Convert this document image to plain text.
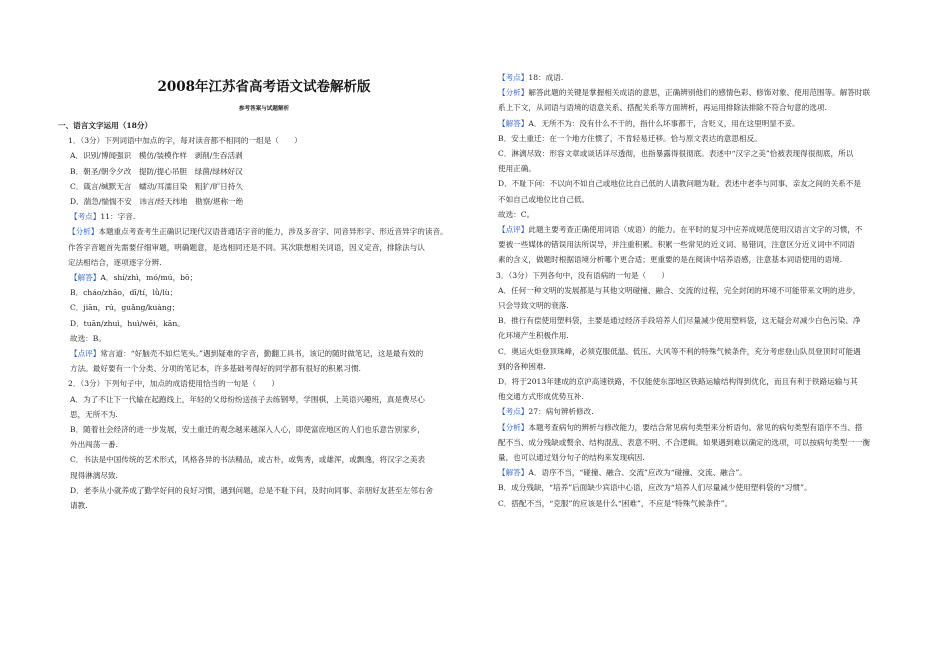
2008年江苏省高考语文试卷解析版
参考答案与试题解析
一、语言文字运用（18分）

1．（3分）下列词语中加点的字，每对读音都不相同的一组是（　　）

A．识别/博闻强识　模仿/装模作样　剥削/生吞活剥

B．朝圣/朝令夕改　提防/提心吊胆　绿菌/绿林好汉

C．箴言/缄默无言　蠕动/耳濡目染　粗犷/旷日持久

D．湍急/惴惴不安　讳言/经天纬地　勘察/堪称一绝

【考点】11：字音.

【分析】本题重点考查考生正确识记现代汉语普通话字音的能力，涉及多音字、同音异形字、形近音异字的读音。

作答字音题首先需要仔细审题，明确题意，是选相同还是不同。其次联想相关词语，因义定音，排除法与认

定法相结合，逐项逐字分辨.

【解答】A．shí/zhì，mó/mú，bō；

B．cháo/zhāo，dī/tí，lǜ/lù；

C．jiān，rú，guǎng/kuàng；

D．tuān/zhuì，huì/wěi，kān。

故选：B。

【点评】常言道：“好脑壳不如烂笔头。”遇到疑难的字音，勤翻工具书，该记的随时做笔记，这是最有效的

方法。最好要有一个分类、分项的笔记本，许多基础考得好的同学都有很好的积累习惯.

2．（3分）下列句子中，加点的成语使用恰当的一句是（　　）

A．为了不让下一代输在起跑线上，年轻的父母纷纷送孩子去练钢琴，学围棋，上英语兴趣班，真是费尽心

思，无所不为.

B．随着社会经济的进一步发展，安土重迁的观念越来越深入人心，即使富庶地区的人们也乐意告别家乡，

外出闯荡一番.

C．书法是中国传统的艺术形式，风格各异的书法精品，或古朴，或隽秀，或雄浑，或飘逸，将汉字之美表

现得淋漓尽致.

D．老李从小就养成了勤学好问的良好习惯，遇到问题，总是不耻下问，及时向同事、亲朋好友甚至左邻右舍

请教.

【考点】18：成语.

【分析】解答此题的关键是掌握相关成语的意思，正确辨别他们的感情色彩、修饰对象、使用范围等。解答时联

系上下文，从词语与语境的语意关系、搭配关系等方面辨析，再运用排除法排除不符合句意的选项.

【解答】A．无所不为：没有什么不干的，指什么坏事都干，含贬义，用在这里明显不妥。

B．安土重迁：在一个地方住惯了，不肯轻易迁移。恰与原文表达的意思相反。

C．淋漓尽致：形容文章或谈话详尽透彻，也指暴露得很彻底。表述中“汉字之美”恰被表现得很彻底，所以

使用正确。

D．不耻下问：不以向不如自己或地位比自己低的人请教问题为耻。表述中老李与同事、亲友之间的关系不是

不如自己或地位比自己低。

故选：C。

【点评】此题主要考查正确使用词语（成语）的能力。在平时的复习中应养成规范使用汉语言文字的习惯，不

要被一些媒体的错误用法所误导，并注重积累。积累一些常见的近义词、易错词，注意区分近义词中不同语

素的含义，做题时根据语境分析哪个更合适；更重要的是在阅读中培养语感，注意基本词语使用的语境.

3．（3分）下列各句中，没有语病的一句是（　　）

A．任何一种文明的发展都是与其他文明碰撞、融合、交流的过程，完全封闭的环境不可能带来文明的进步，

只会导致文明的衰落.

B．推行有偿使用塑料袋，主要是通过经济手段培养人们尽量减少使用塑料袋，这无疑会对减少白色污染、净

化环境产生积极作用.

C．奥运火炬登顶珠峰，必须克服低温、低压、大风等不利的特殊气候条件，充分考虑登山队员登顶时可能遇

到的各种困难.

D．将于2013年建成的京沪高速铁路，不仅能使东部地区铁路运输结构得到优化，而且有利于铁路运输与其

他交通方式形成优势互补.

【考点】27：病句辨析修改.

【分析】本题考查病句的辨析与修改能力，要结合常见病句类型来分析语句。常见的病句类型有语序不当、搭

配不当、成分残缺或赘余、结构混乱、表意不明、不合逻辑。如果遇到难以确定的选项，可以按病句类型一一衡

量，也可以通过划分句子的结构来发现病因.

【解答】A．语序不当，“碰撞、融合、交流”应改为“碰撞、交流、融合”。

B．成分残缺，“培养”后面缺少宾语中心语，应改为“培养人们尽量减少使用塑料袋的“习惯”。

C．搭配不当，“克服”的应该是什么“困难”，不应是“特殊气候条件”。
